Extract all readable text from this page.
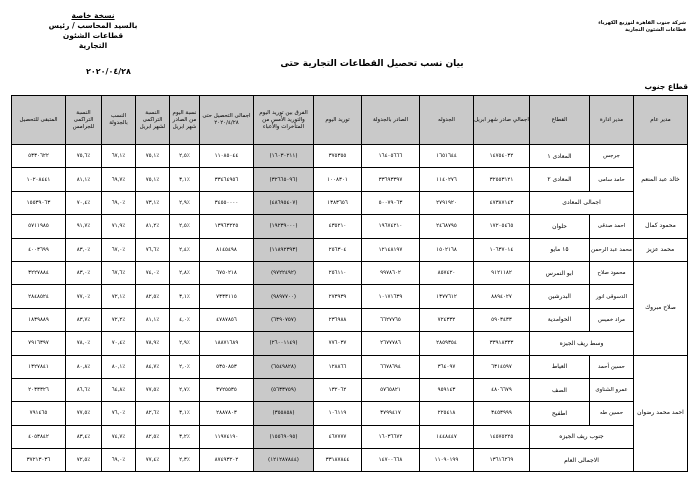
نسخة خاصة
بالسيد المحاسب / رئيس قطاعات الشئون
التجارية
شركة جنوب القاهرة لتوزيع الكهرباء
قطاعات الشئون التجارية
٢٠٢٠/٠٤/٢٨
بيان نسب تحصيل القطاعات التجارية حتى
قطاع جنوب
مدير عام	مدير ادارة	القطاع	اجمالي صادر شهر ابريل	الجدوله	الصادر بالجدولة	توريد اليوم	الفرق بين توريد اليوم والتوريد الأمس من المتأخرات والأعباء	اجمالى التحصيل حتى ٢٠٢٠/٤/٢٨	نسبة اليوم من الصادر شهر ابريل	النسبة التراكمى لشهر ابريل	النسب بالجدولة	النسبة التراكمى للجرامس	المتبقى للتحصيل
خالد عبد المنعم	جرجس	المعادى ١	١٤٧٥٤٠٣٢	١٦٥١٦٤٤	١٦٤٠٥٦٦٦	٣٧٥٣٥٥	(١٦٠٣٠٢١١)	١١٠٨٥٠٤٤	٪٢,٥	٪٧٥,١	٪٦٧,١	٪٧٥,٦	٥٣٣٠٦٢٢
	حامد سامى	المعادى ٢	٣٢٥٥٣١٢١	١١٤٠٢٧٦	٣٣٦٩٣٣٩٧	١٠٠٨٣٠١	(٣٢٦٦٥٠٩٦)	٣٣٤٦٤٩٥٦	٪٣,١	٪٧٥,١	٪٦٩,٧	٪٨١,١	١٠٢٠٨٤٤١
	اجمالى المعادى		٤٧٣٨٧١٤٣	٢٧٩١٩٢٠	٥٠٠٧٩٠٦٣	١٣٨٣٦٥٦	(٤٨٦٩٥٤٠٧)	٣٤٥٥٠٠٠٠	٪٢,٩	٪٧٣,١	٪٦٩,٠	٪٧٠,٤	١٥٥٣٩٠٦٣
محمود كمال	احمد صدقى	حلوان	١٧٢٠٥٤٦٥	٢٤٦٨٧٩٥	١٩٦٧٤٢١٠	٤٣٥٢١٠	(١٩٢٣٩٠٠٠)	١٣٩٦٣٢٢٥	٪٢,٥	٪٨١,٢	٪٧١,٩	٪٩١,٧	٥٧١١٩٨٥
محمد عزيز	محمد عبد الرحمن	١٥ مايو	١٠٦٣٧٠١٤	١٥٠٢١٦٨	١٢١٤٨١٩٧	٢٥٦٣٠٤	(١١٨٩٢٣٩٣)	٨١٤٥٤٩٨	٪٢,٤	٪٧٦,٦	٪٦٧,٠	٪٨٣,٠	٤٠٠٣٦٩٩
صلاح مبروك	محمود صلاح	ابو النمرس	٩١٢١١٨٢	٨٥٧٤٢٠	٩٩٧٨٦٠٢	٢٥٦١١٠	(٩٧٢٢٤٩٢)	٦٧٥٠٢١٨	٪٢,٨	٪٧٤,٠	٪٦٧,٦	٪٨٣,٠	٣٢٢٧٨٨٤
	الدسوقى انور	البدرشين	٨٨٩٤٠٢٧	١٣٧٧٦١٢	١٠١٧١٦٣٩	٢٧٣٩٣٩	(٩٨٩٧٧٠٠)	٧٣٣٣١١٥	٪٣,١	٪٨٢,٥	٪٧٢,١	٪٧٧,٠	٢٨٤٨٥٢٤
	مراد خميس	الحوامدية	٥٩٠٣٤٣٣	٧٢٤٣٣٢	٦٦٢٧٧٦٥	٢٣٦٩٨٨	(٦٣٩٠٧٥٧)	٤٧٨٧٨٥٦	٪٤,٠	٪٨١,١	٪٧٢,٢	٪٨٣,٧	١٨٣٩٨٨٩
	وسط ريف الجيزه		٣٣٩١٨٣٣٣	٢٨٥٩٣٥٤	٢٦٧٧٧٨٦	٧٧٦٠٣٧	(٢٦٠٠١١٤٩)	١٨٨٧١٦٨٩	٪٢,٩	٪٧٨,٩	٪٧٠,٤	٪٧٨,٠	٧٩١٦٣٩٧
احمد محمد رضوان	حسين أحمد	العياط	٦٣١٤٥٩٧	٣٦٤٠٩٧	٦٦٧٨٦٩٤	١٢٨٨٦٦	(٦٥٤٩٨٢٨)	٥٣٥٠٨٥٣	٪٢,٠	٪٨٤,٧	٪٨٠,١	٪٨٠,٨	١٣٢٧٨٤١
	عمرو الشناوى	الصف	٤٨٠٦٦٧٩	٩٥٩١٤٣	٥٧٦٥٨٢١	١٣٢٠٦٢	(٥٦٣٣٧٥٩)	٣٧٢٥٥٣٥	٪٢,٧	٪٧٧,٥	٪٦٤,٨	٪٨٦,٦	٢٠٣٣٣٢٦
	حسين طه	اطفيح	٣٤٥٣٩٩٩	٢٢٥٤١٨	٣٧٩٩٤١٧	١٠٦١١٩	(٣٥٥٨٥٨)	٢٨٨٧٨٠٣	٪٣,١	٪٨٢,٦	٪٧٦,٠	٪٧٧,٥	٧٩١٤٦٥
	جنوب ريف الجيزه		١٤٥٧٥٢٢٥	١٤٤٨٤٤٧	١٦٠٣٦٦٧٢	٤٦٧٧٧٧	(١٥٥٦٩٠٩٥)	١١٩٧٤١٩٠	٪٣,٢	٪٨٢,٥	٪٧٤,٧	٪٨٣,٤	٤٠٥٣٨٤٢
	الاجمالى العام		١٣٦١٦٢٦٩	١١٠٩٠١٩٩	١٤٧٠٠٦٦٨	٣٣١٨٧٨٤٤	(١٢١٢٨٧٨٤٤)	٨٧٤٩٣٢٠٢	٪٢,٣	٪٧٧,٤	٪٦٩,٠	٪٧٢,٥	٣٧٢١٣٠٣٦
